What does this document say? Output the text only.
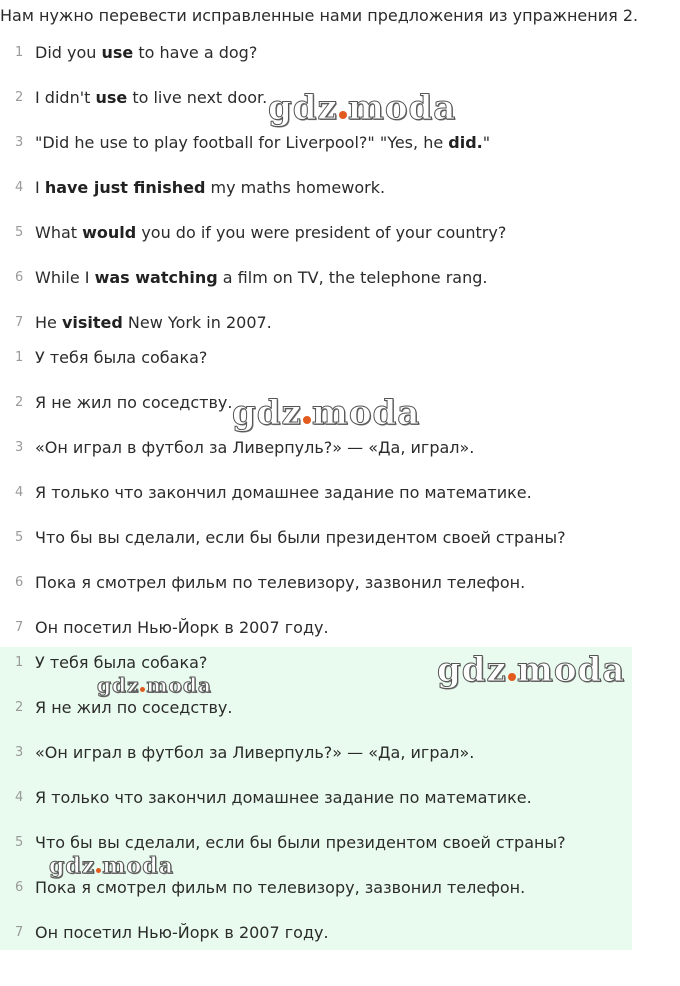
Нам нужно перевести исправленные нами предложения из упражнения 2.
1 Did you use to have a dog?
2 I didn't use to live next door.
3 "Did he use to play football for Liverpool?" "Yes, he did."
4 I have just finished my maths homework.
5 What would you do if you were president of your country?
6 While I was watching a film on TV, the telephone rang.
7 He visited New York in 2007.
1 У тебя была собака?
2 Я не жил по соседству.
3 «Он играл в футбол за Ливерпуль?» — «Да, играл».
4 Я только что закончил домашнее задание по математике.
5 Что бы вы сделали, если бы были президентом своей страны?
6 Пока я смотрел фильм по телевизору, зазвонил телефон.
7 Он посетил Нью-Йорк в 2007 году.
1 У тебя была собака?
2 Я не жил по соседству.
3 «Он играл в футбол за Ливерпуль?» — «Да, играл».
4 Я только что закончил домашнее задание по математике.
5 Что бы вы сделали, если бы были президентом своей страны?
6 Пока я смотрел фильм по телевизору, зазвонил телефон.
7 Он посетил Нью-Йорк в 2007 году.
gdz moda
gdz moda
gdz moda
gdz moda
gdz moda
